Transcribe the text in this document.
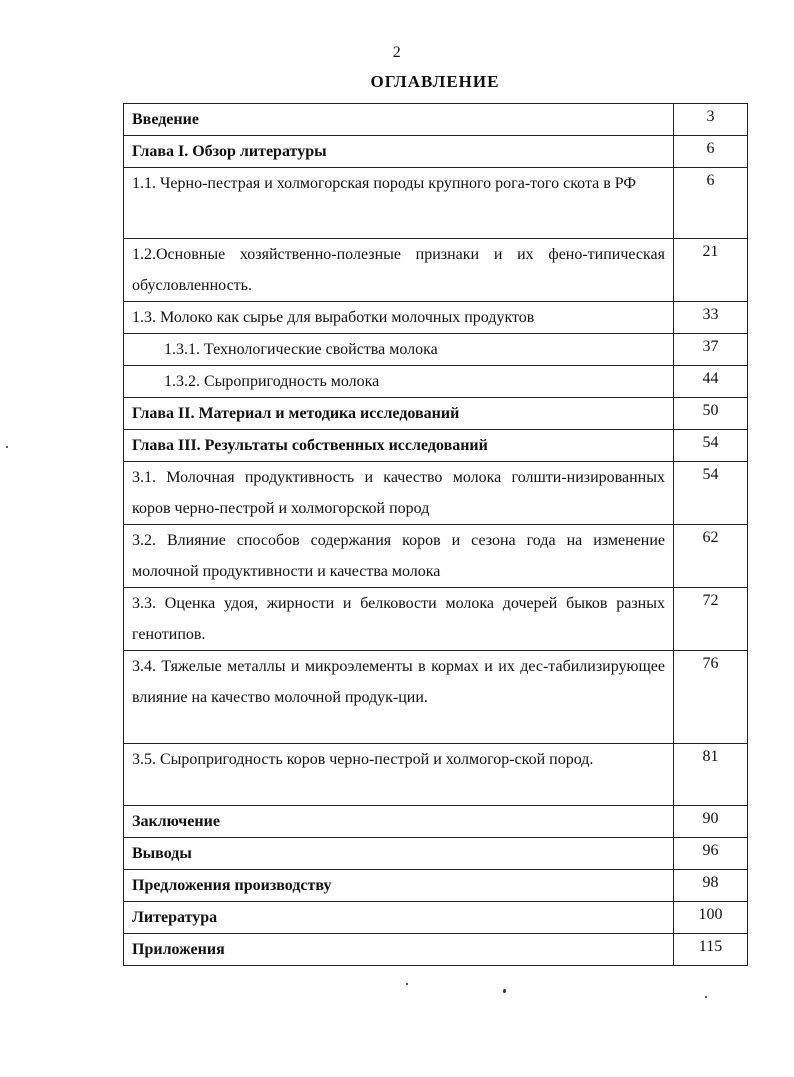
2
ОГЛАВЛЕНИЕ
Введение	3
Глава I. Обзор литературы	6
1.1. Черно-пестрая и холмогорская породы крупного рога-того скота в РФ	6
1.2.Основные хозяйственно-полезные признаки и их фено-типическая обусловленность.	21
1.3. Молоко как сырье для выработки молочных продуктов	33
1.3.1. Технологические свойства молока	37
1.3.2. Сыропригодность молока	44
Глава II. Материал и методика исследований	50
Глава III. Результаты собственных исследований	54
3.1. Молочная продуктивность и качество молока голшти-низированных коров черно-пестрой и холмогорской пород	54
3.2. Влияние способов содержания коров и сезона года на изменение молочной продуктивности и качества молока	62
3.3. Оценка удоя, жирности и белковости молока дочерей быков разных генотипов.	72
3.4. Тяжелые металлы и микроэлементы в кормах и их дес-табилизирующее влияние на качество молочной продук-ции.	76
3.5. Сыропригодность коров черно-пестрой и холмогор-ской пород.	81
Заключение	90
Выводы	96
Предложения производству	98
Литература	100
Приложения	115
